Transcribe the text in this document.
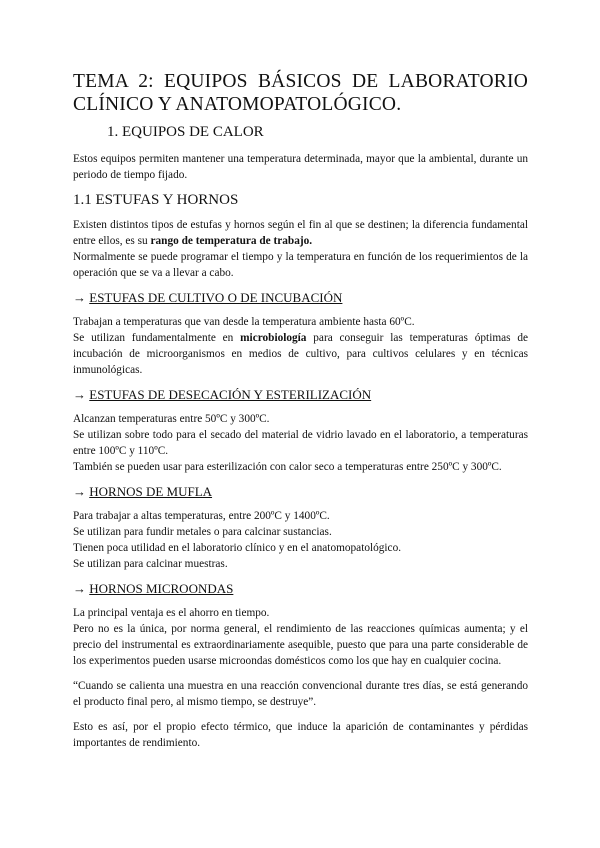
TEMA 2: EQUIPOS BÁSICOS DE LABORATORIO CLÍNICO Y ANATOMOPATOLÓGICO.
1. EQUIPOS DE CALOR

Estos equipos permiten mantener una temperatura determinada, mayor que la ambiental, durante un periodo de tiempo fijado.

1.1 ESTUFAS Y HORNOS

Existen distintos tipos de estufas y hornos según el fin al que se destinen; la diferencia fundamental entre ellos, es su rango de temperatura de trabajo.

Normalmente se puede programar el tiempo y la temperatura en función de los requerimientos de la operación que se va a llevar a cabo.

→ ESTUFAS DE CULTIVO O DE INCUBACIÓN

Trabajan a temperaturas que van desde la temperatura ambiente hasta 60ºC.

Se utilizan fundamentalmente en microbiología para conseguir las temperaturas óptimas de incubación de microorganismos en medios de cultivo, para cultivos celulares y en técnicas inmunológicas.

→ ESTUFAS DE DESECACIÓN Y ESTERILIZACIÓN

Alcanzan temperaturas entre 50ºC y 300ºC.

Se utilizan sobre todo para el secado del material de vidrio lavado en el laboratorio, a temperaturas entre 100ºC y 110ºC.

También se pueden usar para esterilización con calor seco a temperaturas entre 250ºC y 300ºC.

→ HORNOS DE MUFLA

Para trabajar a altas temperaturas, entre 200ºC y 1400ºC.

Se utilizan para fundir metales o para calcinar sustancias.

Tienen poca utilidad en el laboratorio clínico y en el anatomopatológico.

Se utilizan para calcinar muestras.

→ HORNOS MICROONDAS

La principal ventaja es el ahorro en tiempo.

Pero no es la única, por norma general, el rendimiento de las reacciones químicas aumenta; y el precio del instrumental es extraordinariamente asequible, puesto que para una parte considerable de los experimentos pueden usarse microondas domésticos como los que hay en cualquier cocina.

“Cuando se calienta una muestra en una reacción convencional durante tres días, se está generando el producto final pero, al mismo tiempo, se destruye”.

Esto es así, por el propio efecto térmico, que induce la aparición de contaminantes y pérdidas importantes de rendimiento.
